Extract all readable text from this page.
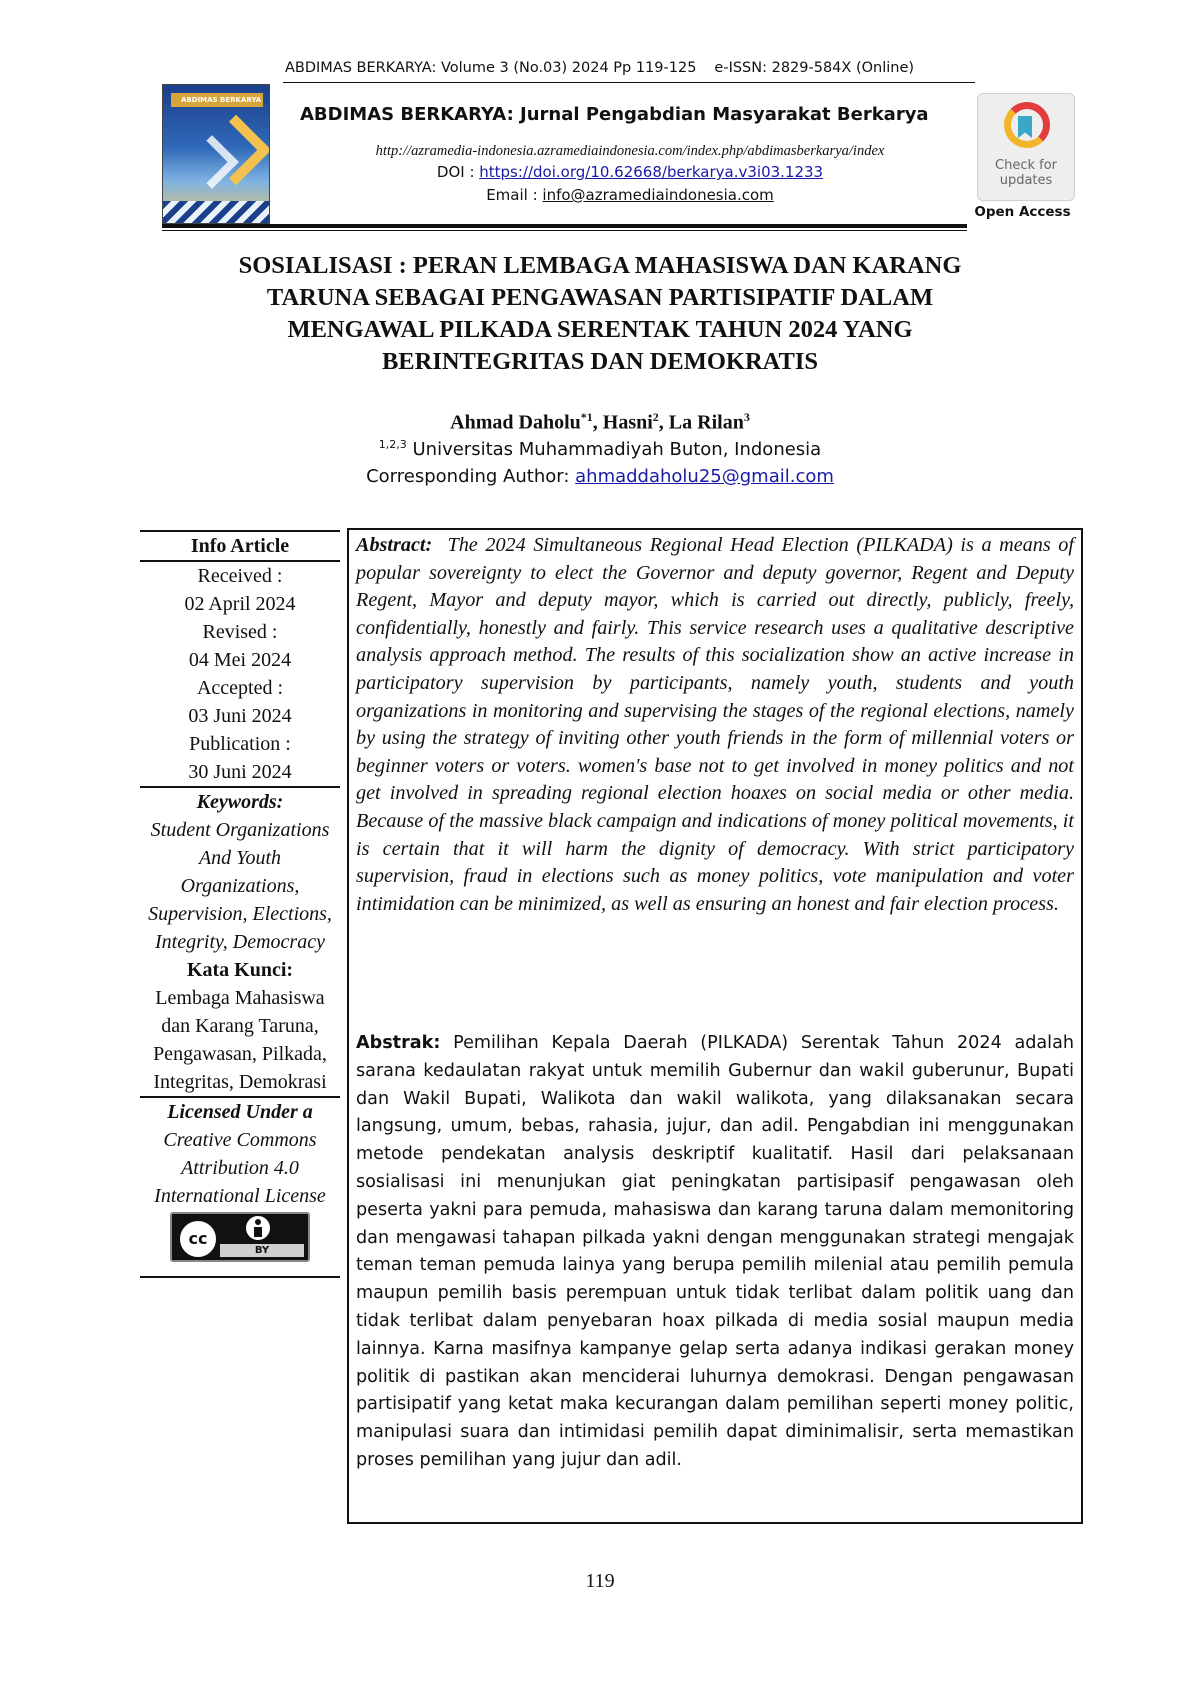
ABDIMAS BERKARYA: Volume 3 (No.03) 2024 Pp 119-125 e-ISSN: 2829-584X (Online)
ABDIMAS BERKARYA
ABDIMAS BERKARYA: Jurnal Pengabdian Masyarakat Berkarya
http://azramedia-indonesia.azramediaindonesia.com/index.php/abdimasberkarya/index
DOI : https://doi.org/10.62668/berkarya.v3i03.1233
Email : info@azramediaindonesia.com
Check for
updates
Open Access
SOSIALISASI : PERAN LEMBAGA MAHASISWA DAN KARANG
TARUNA SEBAGAI PENGAWASAN PARTISIPATIF DALAM
MENGAWAL PILKADA SERENTAK TAHUN 2024 YANG
BERINTEGRITAS DAN DEMOKRATIS
Ahmad Daholu$^{*1}$, Hasni$^2$, La Rilan$^3$
$^{1,2,3}$ Universitas Muhammadiyah Buton, Indonesia
Corresponding Author: ahmaddaholu25@gmail.com
Info Article
Received :
02 April 2024
Revised :
04 Mei 2024
Accepted :
03 Juni 2024
Publication :
30 Juni 2024
Keywords:
Student Organizations And Youth Organizations, Supervision, Elections, Integrity, Democracy
Kata Kunci:
Lembaga Mahasiswa dan Karang Taruna, Pengawasan, Pilkada, Integritas, Demokrasi
Licensed Under a
Creative Commons Attribution 4.0 International License
cc
BY
Abstract: The 2024 Simultaneous Regional Head Election (PILKADA) is a means of popular sovereignty to elect the Governor and deputy governor, Regent and Deputy Regent, Mayor and deputy mayor, which is carried out directly, publicly, freely, confidentially, honestly and fairly. This service research uses a qualitative descriptive analysis approach method. The results of this socialization show an active increase in participatory supervision by participants, namely youth, students and youth organizations in monitoring and supervising the stages of the regional elections, namely by using the strategy of inviting other youth friends in the form of millennial voters or beginner voters or voters. women's base not to get involved in money politics and not get involved in spreading regional election hoaxes on social media or other media. Because of the massive black campaign and indications of money political movements, it is certain that it will harm the dignity of democracy. With strict participatory supervision, fraud in elections such as money politics, vote manipulation and voter intimidation can be minimized, as well as ensuring an honest and fair election process.
Abstrak: Pemilihan Kepala Daerah (PILKADA) Serentak Tahun 2024 adalah sarana kedaulatan rakyat untuk memilih Gubernur dan wakil guberunur, Bupati dan Wakil Bupati, Walikota dan wakil walikota, yang dilaksanakan secara langsung, umum, bebas, rahasia, jujur, dan adil. Pengabdian ini menggunakan metode pendekatan analysis deskriptif kualitatif. Hasil dari pelaksanaan sosialisasi ini menunjukan giat peningkatan partisipasif pengawasan oleh peserta yakni para pemuda, mahasiswa dan karang taruna dalam memonitoring dan mengawasi tahapan pilkada yakni dengan menggunakan strategi mengajak teman teman pemuda lainya yang berupa pemilih milenial atau pemilih pemula maupun pemilih basis perempuan untuk tidak terlibat dalam politik uang dan tidak terlibat dalam penyebaran hoax pilkada di media sosial maupun media lainnya. Karna masifnya kampanye gelap serta adanya indikasi gerakan money politik di pastikan akan menciderai luhurnya demokrasi. Dengan pengawasan partisipatif yang ketat maka kecurangan dalam pemilihan seperti money politic, manipulasi suara dan intimidasi pemilih dapat diminimalisir, serta memastikan proses pemilihan yang jujur dan adil.
119
